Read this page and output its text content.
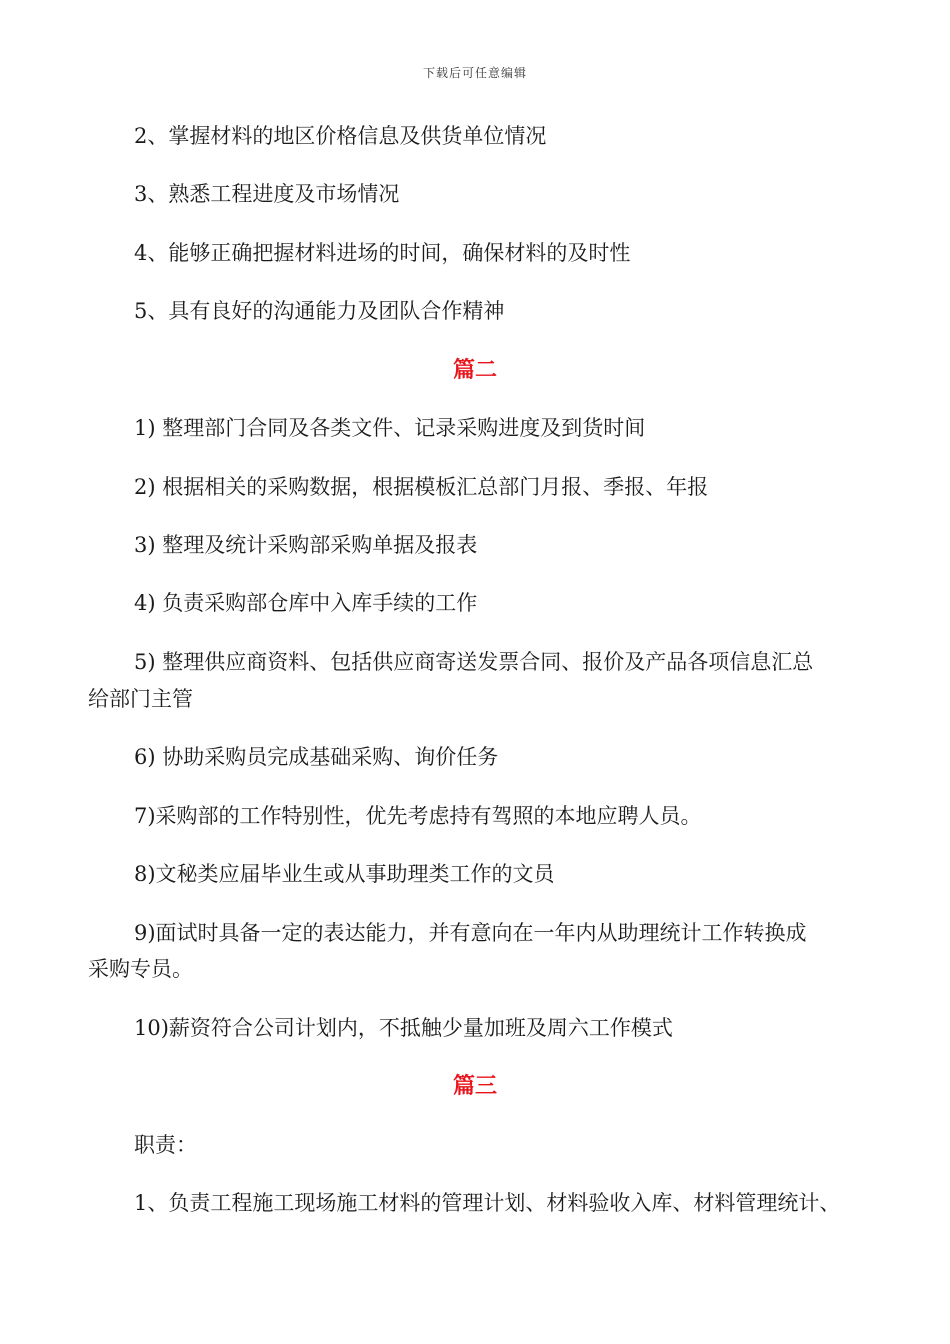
下载后可任意编辑
2、掌握材料的地区价格信息及供货单位情况
3、熟悉工程进度及市场情况
4、能够正确把握材料进场的时间，确保材料的及时性
5、具有良好的沟通能力及团队合作精神
篇二
1) 整理部门合同及各类文件、记录采购进度及到货时间
2) 根据相关的采购数据，根据模板汇总部门月报、季报、年报
3) 整理及统计采购部采购单据及报表
4) 负责采购部仓库中入库手续的工作
5) 整理供应商资料、包括供应商寄送发票合同、报价及产品各项信息汇总
给部门主管
6) 协助采购员完成基础采购、询价任务
7)采购部的工作特别性，优先考虑持有驾照的本地应聘人员。
8)文秘类应届毕业生或从事助理类工作的文员
9)面试时具备一定的表达能力，并有意向在一年内从助理统计工作转换成
采购专员。
10)薪资符合公司计划内，不抵触少量加班及周六工作模式
篇三
职责：
1、负责工程施工现场施工材料的管理计划、材料验收入库、材料管理统计、
